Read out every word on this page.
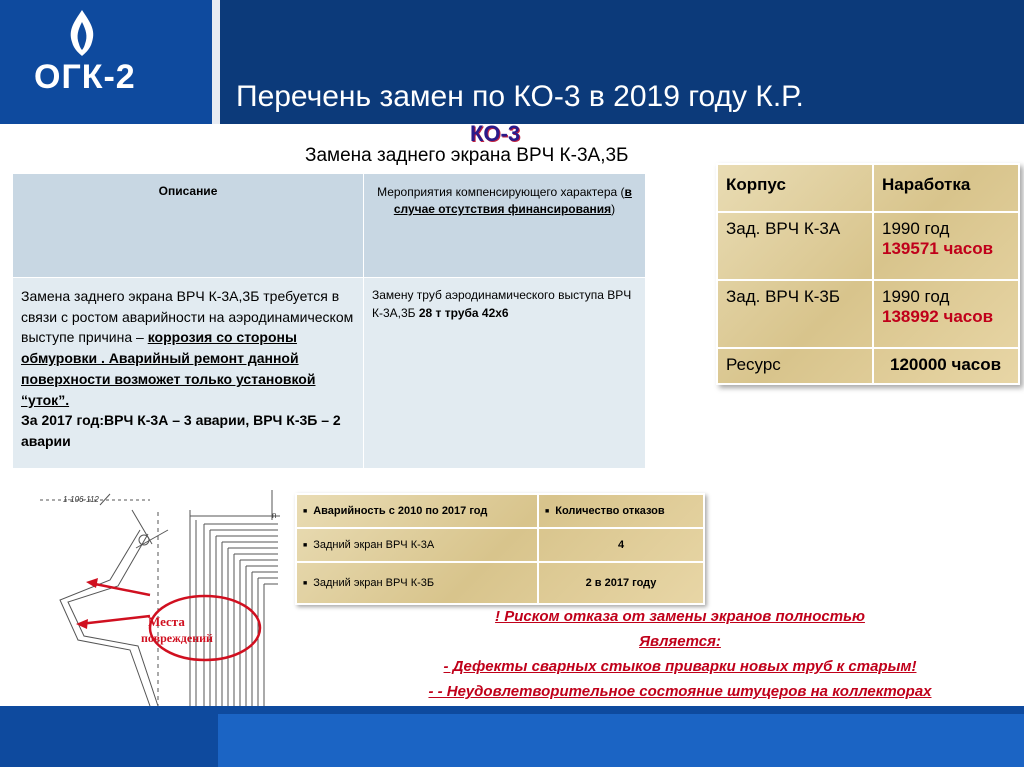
ОГК-2
Перечень замен по КО-3 в 2019 году К.Р.
КО-3
Замена заднего экрана ВРЧ К-3А,3Б
Описание	Мероприятия компенсирующего характера (в случае отсутствия финансирования)
Замена заднего экрана ВРЧ К-3А,3Б требуется в связи с ростом аварийности на аэродинамическом выступе причина – коррозия со стороны обмуровки . Аварийный ремонт данной поверхности возможет только установкой “уток”.
За 2017 год:ВРЧ К-3А – 3 аварии, ВРЧ К-3Б – 2 аварии	Замену труб аэродинамического выступа ВРЧ К-3А,3Б 28 т труба 42х6
Корпус	Наработка
Зад. ВРЧ К-3А	1990 год
139571 часов
Зад. ВРЧ К-3Б	1990 год
138992 часов
Ресурс	120000 часов
■ Аварийность с 2010 по 2017 год	■ Количество отказов
■ Задний экран ВРЧ К-3А	4
■ Задний экран ВРЧ К-3Б	2 в 2017 году
1-106-112
п
Места
повреждений
! Риском отказа от замены экранов полностью
Является:
- Дефекты сварных стыков приварки новых труб к старым!
- - Неудовлетворительное состояние штуцеров на коллекторах
